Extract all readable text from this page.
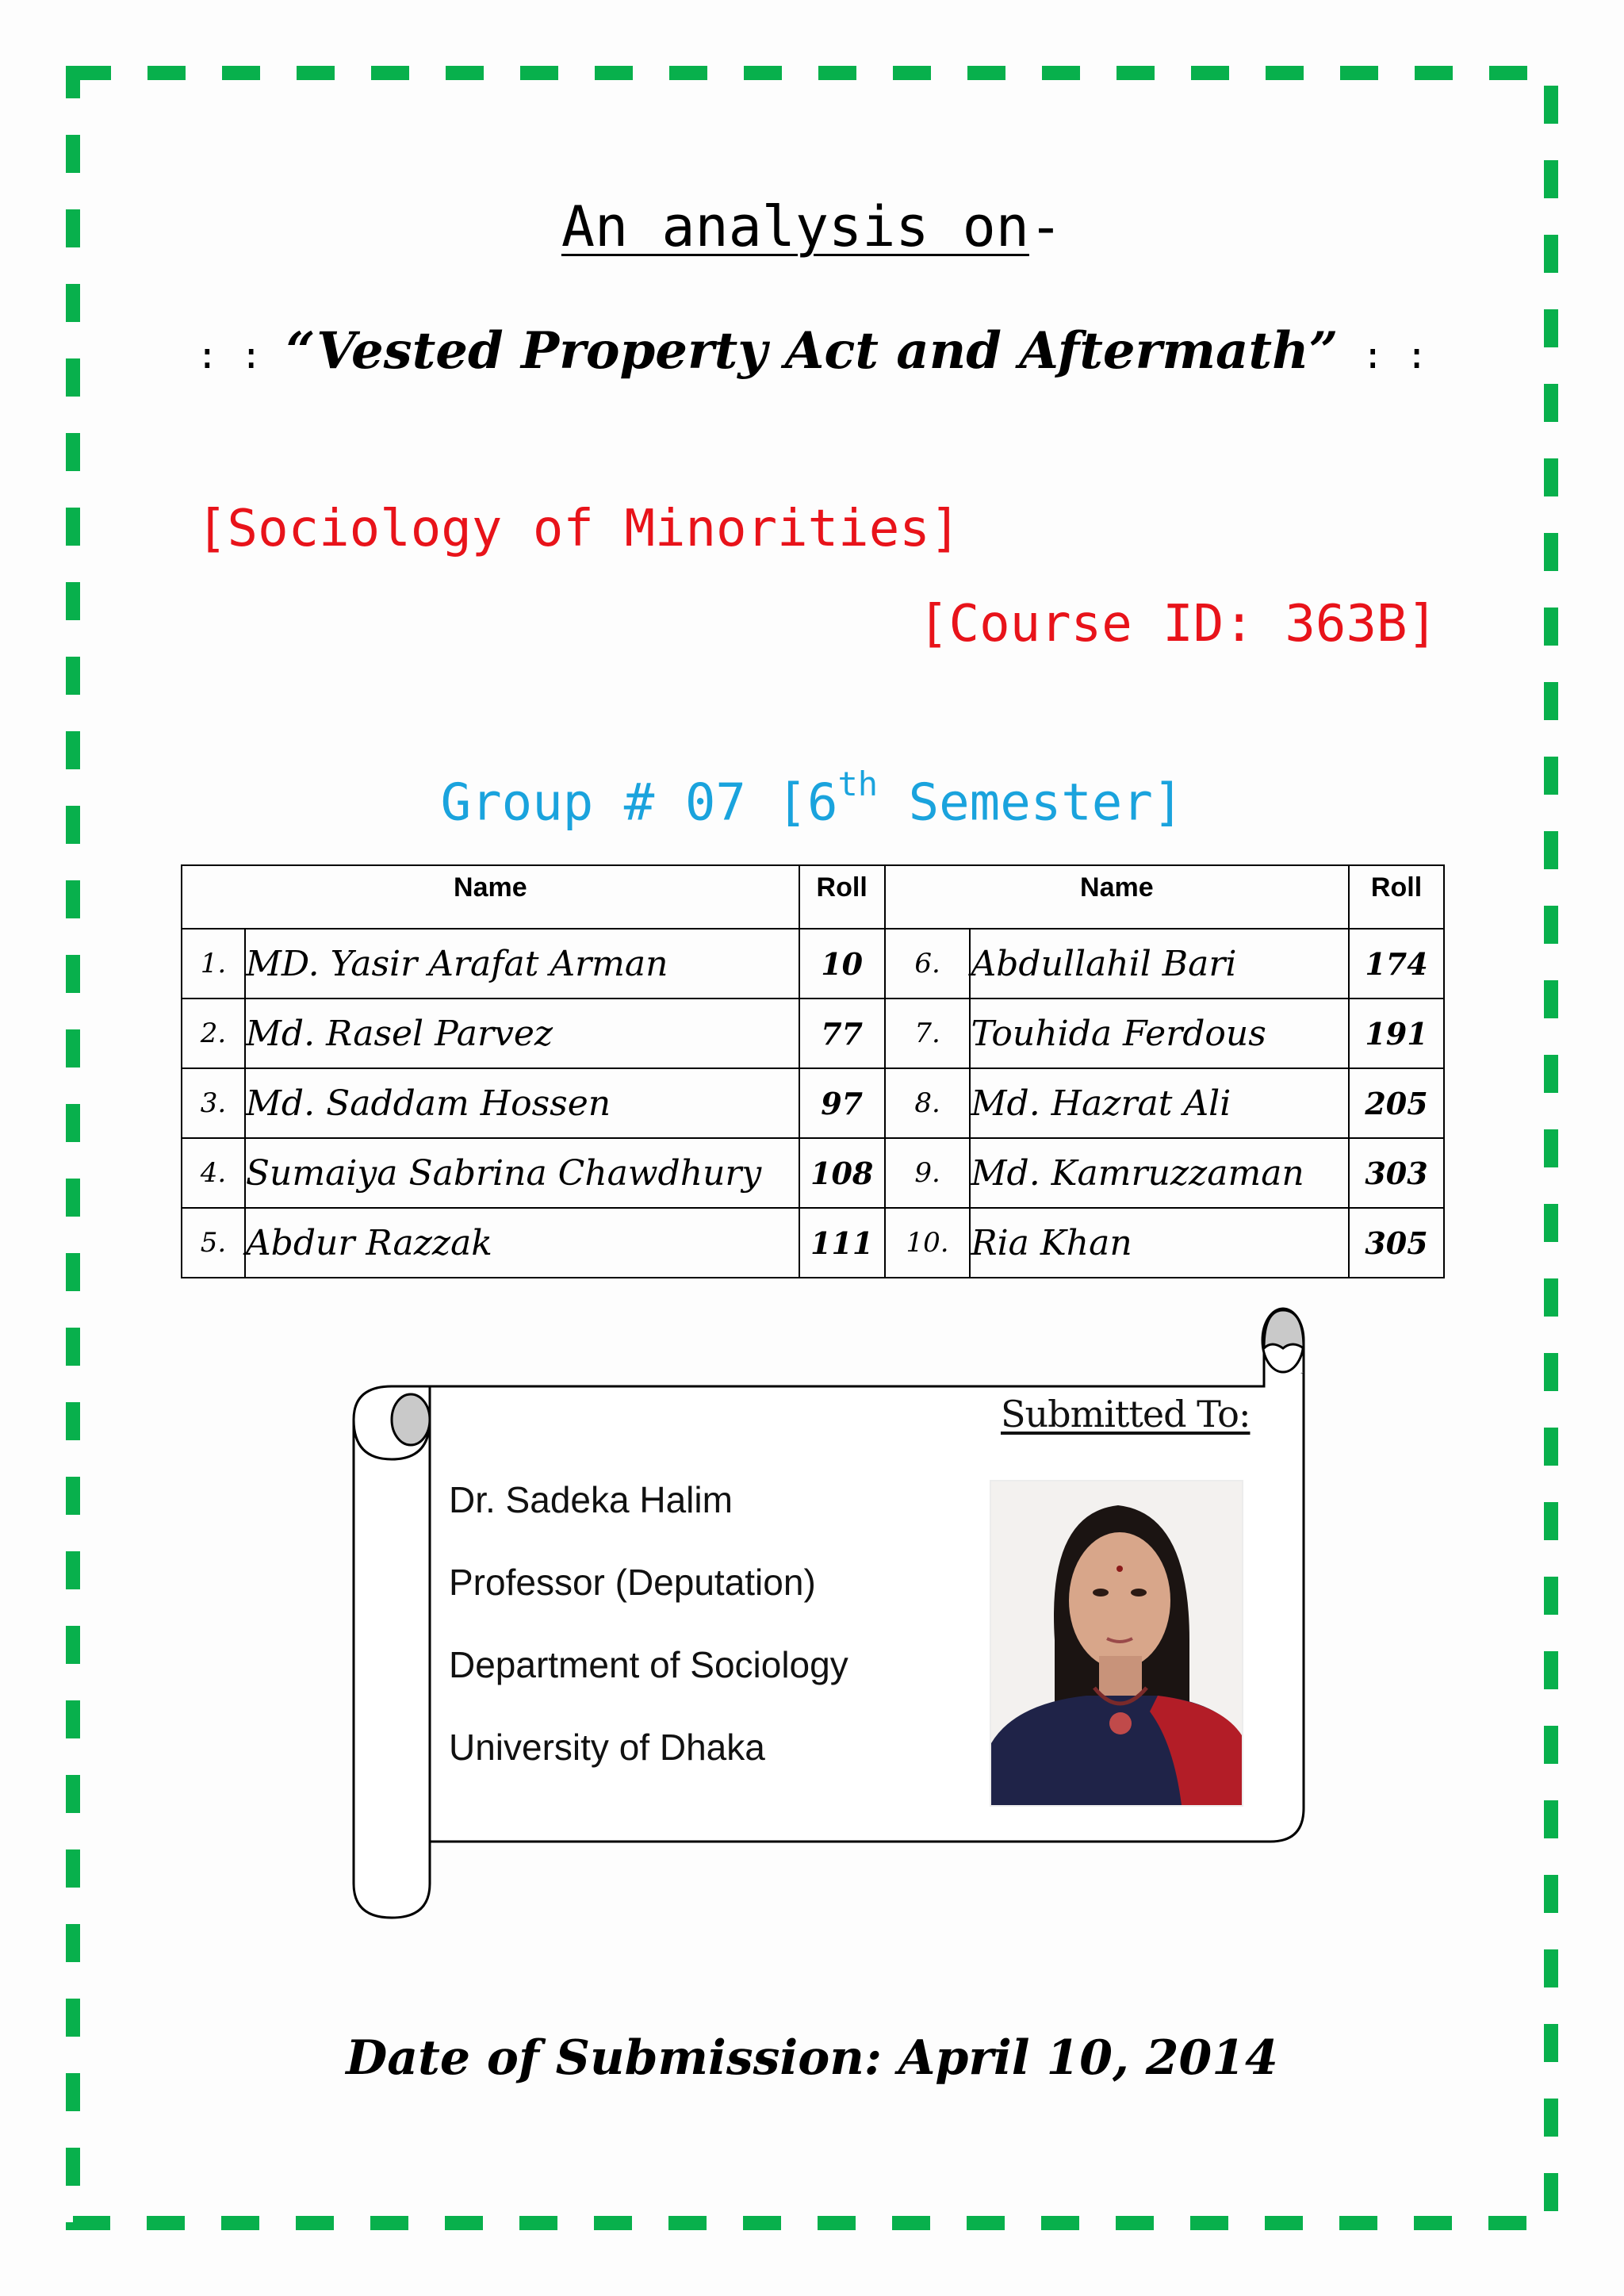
An analysis on-
: : “Vested Property Act and Aftermath” : :
[Sociology of Minorities]
[Course ID: 363B]
Group # 07 [6th Semester]
Name		Roll	Name		Roll
1.	MD. Yasir Arafat Arman	10	6.	Abdullahil Bari	174
2.	Md. Rasel Parvez	77	7.	Touhida Ferdous	191
3.	Md. Saddam Hossen	97	8.	Md. Hazrat Ali	205
4.	Sumaiya Sabrina Chawdhury	108	9.	Md. Kamruzzaman	303
5.	Abdur Razzak	111	10.	Ria Khan	305
Submitted To:
Dr. Sadeka Halim
Professor (Deputation)
Department of Sociology
University of Dhaka
Date of Submission: April 10, 2014
